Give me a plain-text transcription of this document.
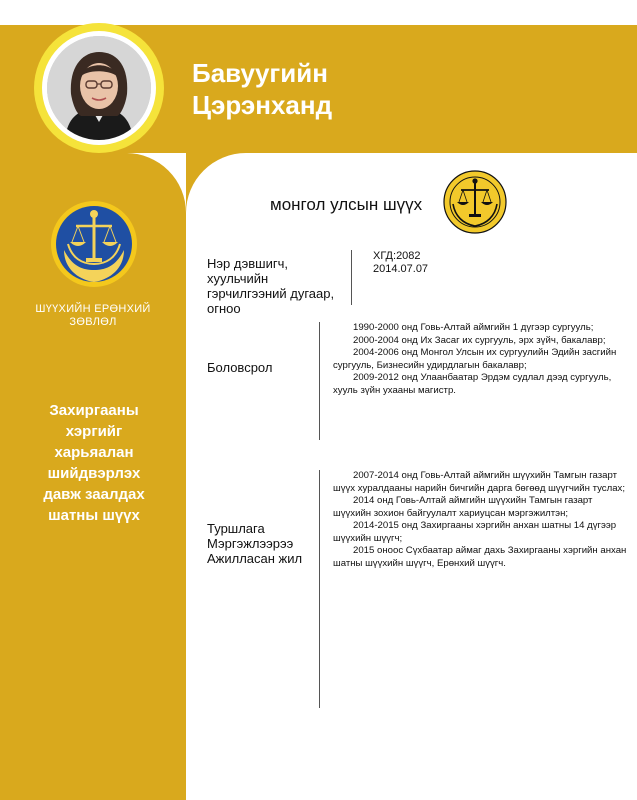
Бавуугийн
Цэрэнханд
ШҮҮХИЙН ЕРӨНХИЙ ЗӨВЛӨЛ
Захиргааны хэргийг харьяалан шийдвэрлэх давж заалдах шатны шүүх
монгол улсын шүүх
Нэр дэвшигч, хуульчийн гэрчилгээний дугаар, огноо
ХГД:2082
2014.07.07
Боловсрол

1990-2000 онд Говь-Алтай аймгийн 1 дүгээр сургууль;

2000-2004 онд Их Засаг их сургууль, эрх зүйч, бакалавр;

2004-2006 онд Монгол Улсын их сургуулийн Эдийн засгийн сургууль, Бизнесийн удирдлагын бакалавр;

2009-2012 онд Улаанбаатар Эрдэм судлал дээд сургууль, хууль зүйн ухааны магистр.

Туршлага Мэргэжлээрээ Ажилласан жил

2007-2014 онд Говь-Алтай аймгийн шүүхийн Тамгын газарт шүүх хуралдааны нарийн бичгийн дарга бөгөөд шүүгчийн туслах;

2014 онд Говь-Алтай аймгийн шүүхийн Тамгын газарт шүүхийн зохион байгуулалт хариуцсан мэргэжилтэн;

2014-2015 онд Захиргааны хэргийн анхан шатны 14 дүгээр шүүхийн шүүгч;

2015 оноос Сүхбаатар аймаг дахь Захиргааны хэргийн анхан шатны шүүхийн шүүгч, Ерөнхий шүүгч.
